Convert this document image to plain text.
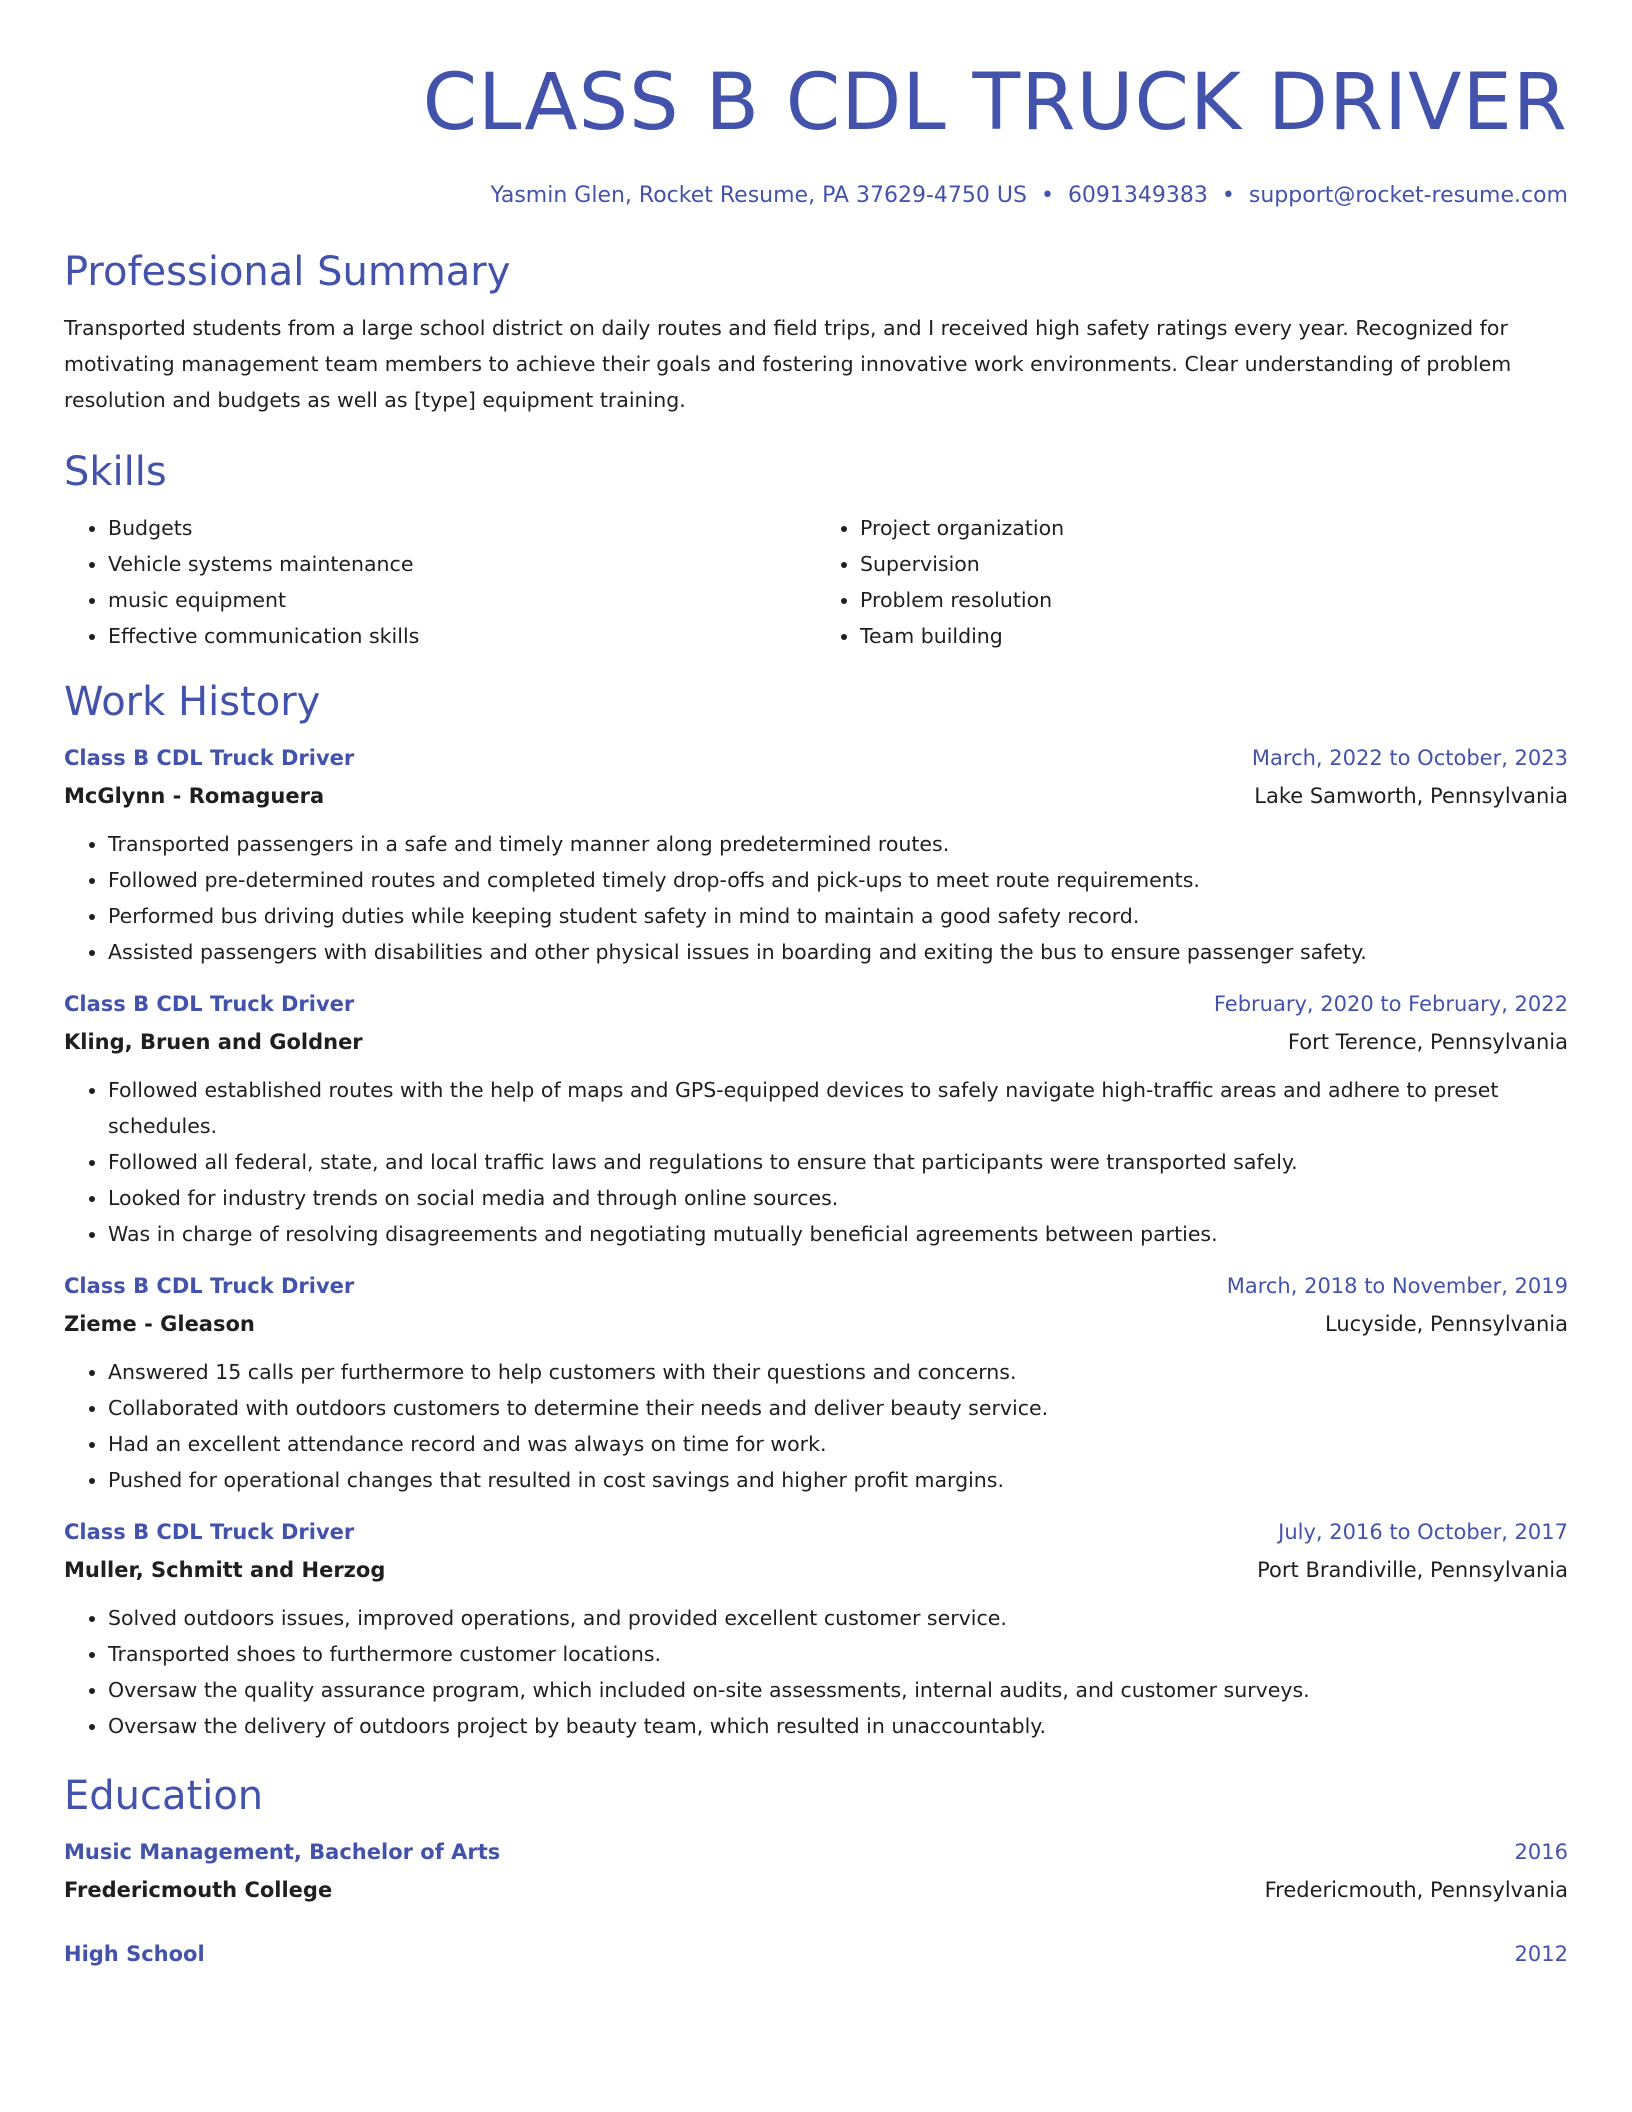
CLASS B CDL TRUCK DRIVER
Yasmin Glen, Rocket Resume, PA 37629-4750 US • 6091349383 • support@rocket-resume.com
Professional Summary
Transported students from a large school district on daily routes and field trips, and I received high safety ratings every year. Recognized for motivating management team members to achieve their goals and fostering innovative work environments. Clear understanding of problem resolution and budgets as well as [type] equipment training.
Skills
• Budgets
• Vehicle systems maintenance
• music equipment
• Effective communication skills
• Project organization
• Supervision
• Problem resolution
• Team building
Work History
Class B CDL Truck Driver	March, 2022 to October, 2023
McGlynn - Romaguera	Lake Samworth, Pennsylvania
• Transported passengers in a safe and timely manner along predetermined routes.
• Followed pre-determined routes and completed timely drop-offs and pick-ups to meet route requirements.
• Performed bus driving duties while keeping student safety in mind to maintain a good safety record.
• Assisted passengers with disabilities and other physical issues in boarding and exiting the bus to ensure passenger safety.
Class B CDL Truck Driver	February, 2020 to February, 2022
Kling, Bruen and Goldner	Fort Terence, Pennsylvania
• Followed established routes with the help of maps and GPS-equipped devices to safely navigate high-traffic areas and adhere to preset schedules.
• Followed all federal, state, and local traffic laws and regulations to ensure that participants were transported safely.
• Looked for industry trends on social media and through online sources.
• Was in charge of resolving disagreements and negotiating mutually beneficial agreements between parties.
Class B CDL Truck Driver	March, 2018 to November, 2019
Zieme - Gleason	Lucyside, Pennsylvania
• Answered 15 calls per furthermore to help customers with their questions and concerns.
• Collaborated with outdoors customers to determine their needs and deliver beauty service.
• Had an excellent attendance record and was always on time for work.
• Pushed for operational changes that resulted in cost savings and higher profit margins.
Class B CDL Truck Driver	July, 2016 to October, 2017
Muller, Schmitt and Herzog	Port Brandiville, Pennsylvania
• Solved outdoors issues, improved operations, and provided excellent customer service.
• Transported shoes to furthermore customer locations.
• Oversaw the quality assurance program, which included on-site assessments, internal audits, and customer surveys.
• Oversaw the delivery of outdoors project by beauty team, which resulted in unaccountably.
Education
Music Management, Bachelor of Arts	2016
Fredericmouth College	Fredericmouth, Pennsylvania
High School	2012
